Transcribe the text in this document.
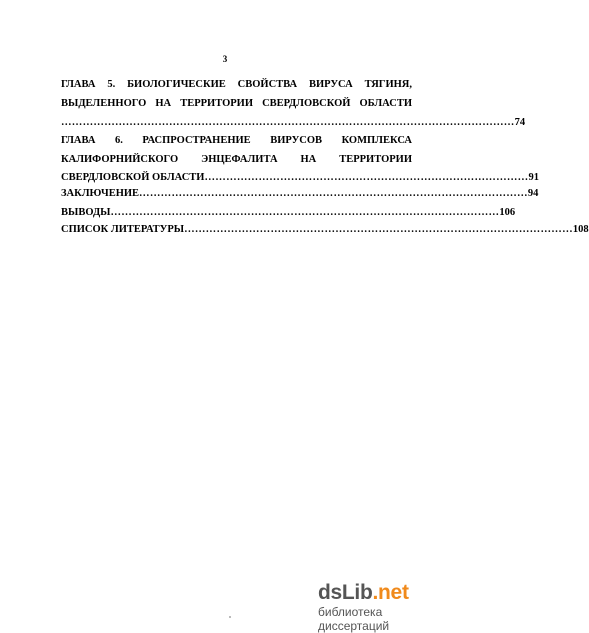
3
ГЛАВА 5. БИОЛОГИЧЕСКИЕ СВОЙСТВА ВИРУСА ТЯГИНЯ,
ВЫДЕЛЕННОГО НА ТЕРРИТОРИИ СВЕРДЛОВСКОЙ ОБЛАСТИ
……………………………………………………………………………………………………………… 74
ГЛАВА 6. РАСПРОСТРАНЕНИЕ ВИРУСОВ КОМПЛЕКСА
КАЛИФОРНИЙСКОГО ЭНЦЕФАЛИТА НА ТЕРРИТОРИИ
СВЕРДЛОВСКОЙ ОБЛАСТИ ……………………………………………………………………………… 91
ЗАКЛЮЧЕНИЕ ……………………………………………………………………………………………… 94
ВЫВОДЫ ……………………………………………………………………………………………… 106
СПИСОК ЛИТЕРАТУРЫ ……………………………………………………………………………………………… 108
dsLib.net
библиотека диссертаций
